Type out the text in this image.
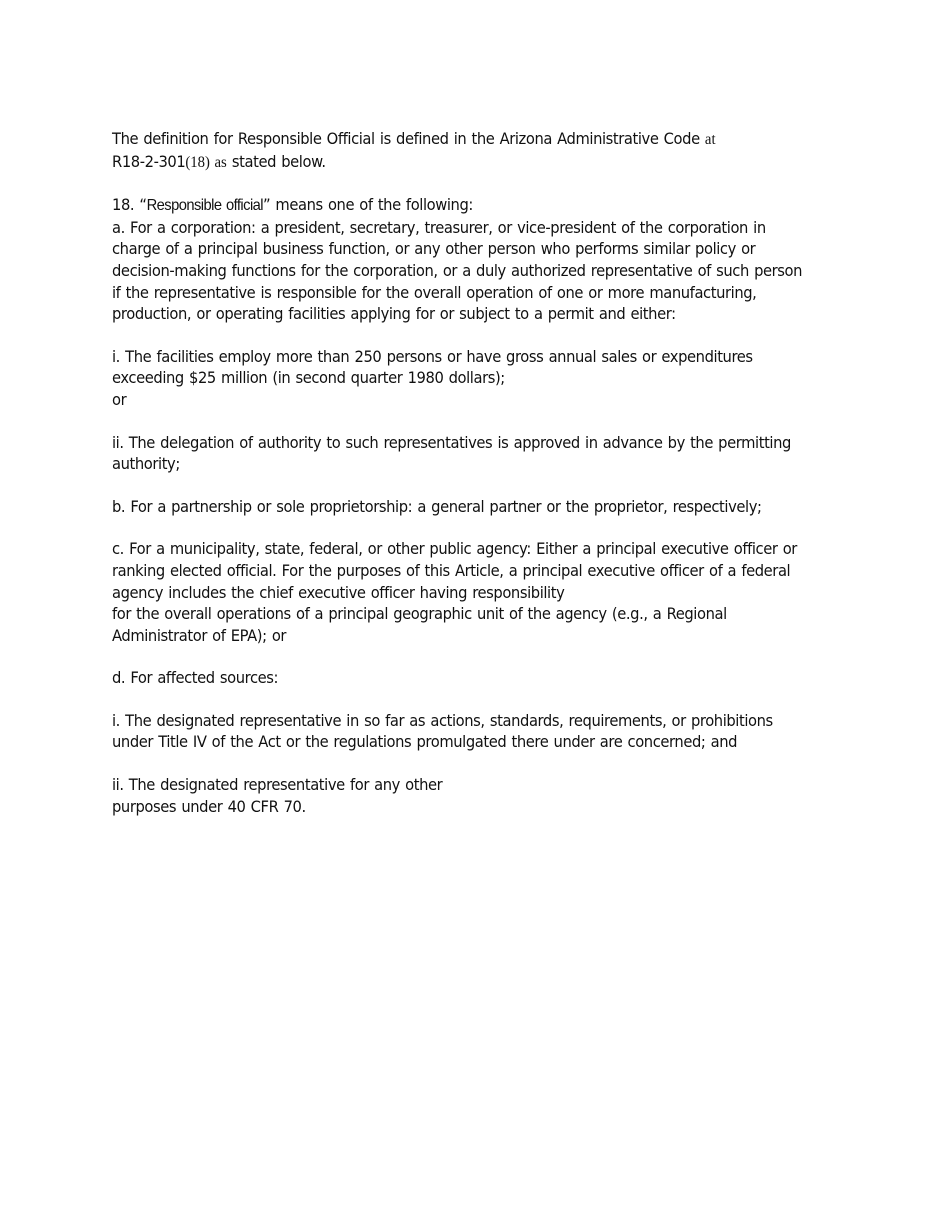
The definition for Responsible Official is defined in the Arizona Administrative Code at
R18-2-301(18) as stated below.
18. “Responsible official” means one of the following:
a. For a corporation: a president, secretary, treasurer, or vice-president of the corporation in
charge of a principal business function, or any other person who performs similar policy or
decision-making functions for the corporation, or a duly authorized representative of such person
if the representative is responsible for the overall operation of one or more manufacturing,
production, or operating facilities applying for or subject to a permit and either:
i. The facilities employ more than 250 persons or have gross annual sales or expenditures
exceeding $25 million (in second quarter 1980 dollars);
or
ii. The delegation of authority to such representatives is approved in advance by the permitting
authority;
b. For a partnership or sole proprietorship: a general partner or the proprietor, respectively;
c. For a municipality, state, federal, or other public agency: Either a principal executive officer or
ranking elected official. For the purposes of this Article, a principal executive officer of a federal
agency includes the chief executive officer having responsibility
for the overall operations of a principal geographic unit of the agency (e.g., a Regional
Administrator of EPA); or
d. For affected sources:
i. The designated representative in so far as actions, standards, requirements, or prohibitions
under Title IV of the Act or the regulations promulgated there under are concerned; and
ii. The designated representative for any other
purposes under 40 CFR 70.
